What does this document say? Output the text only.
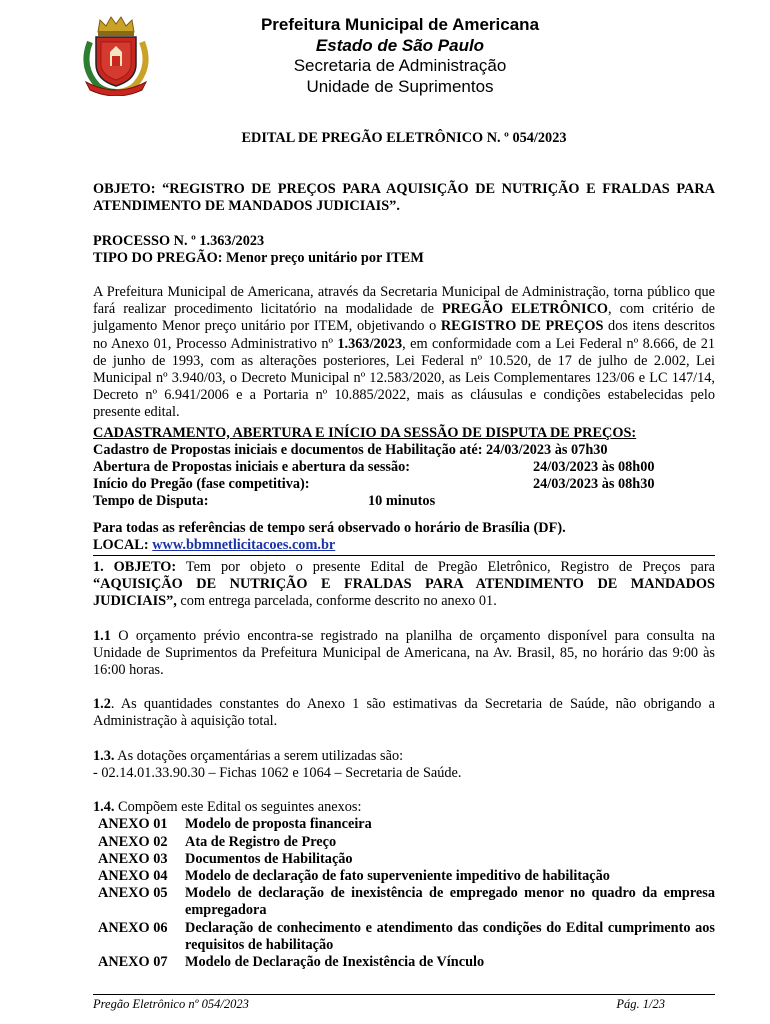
Prefeitura Municipal de Americana
Estado de São Paulo
Secretaria de Administração
Unidade de Suprimentos

EDITAL DE PREGÃO ELETRÔNICO N. º 054/2023

OBJETO: “REGISTRO DE PREÇOS PARA AQUISIÇÃO DE NUTRIÇÃO E FRALDAS PARA ATENDIMENTO DE MANDADOS JUDICIAIS”.

PROCESSO N. º 1.363/2023

TIPO DO PREGÃO: Menor preço unitário por ITEM

A Prefeitura Municipal de Americana, através da Secretaria Municipal de Administração, torna público que fará realizar procedimento licitatório na modalidade de PREGÃO ELETRÔNICO, com critério de julgamento Menor preço unitário por ITEM, objetivando o REGISTRO DE PREÇOS dos itens descritos no Anexo 01, Processo Administrativo nº 1.363/2023, em conformidade com a Lei Federal nº 8.666, de 21 de junho de 1993, com as alterações posteriores, Lei Federal nº 10.520, de 17 de julho de 2.002, Lei Municipal nº 3.940/03, o Decreto Municipal nº 12.583/2020, as Leis Complementares 123/06 e LC 147/14, Decreto nº 6.941/2006 e a Portaria nº 10.885/2022, mais as cláusulas e condições estabelecidas pelo presente edital.

CADASTRAMENTO, ABERTURA E INÍCIO DA SESSÃO DE DISPUTA DE PREÇOS:

Cadastro de Propostas iniciais e documentos de Habilitação até: 24/03/2023 às 07h30

Abertura de Propostas iniciais e abertura da sessão:	24/03/2023 às 08h00
Início do Pregão (fase competitiva):	24/03/2023 às 08h30
Tempo de Disputa:	10 minutos

Para todas as referências de tempo será observado o horário de Brasília (DF).

LOCAL: www.bbmnetlicitacoes.com.br

1. OBJETO: Tem por objeto o presente Edital de Pregão Eletrônico, Registro de Preços para “AQUISIÇÃO DE NUTRIÇÃO E FRALDAS PARA ATENDIMENTO DE MANDADOS JUDICIAIS”, com entrega parcelada, conforme descrito no anexo 01.

1.1 O orçamento prévio encontra-se registrado na planilha de orçamento disponível para consulta na Unidade de Suprimentos da Prefeitura Municipal de Americana, na Av. Brasil, 85, no horário das 9:00 às 16:00 horas.

1.2. As quantidades constantes do Anexo 1 são estimativas da Secretaria de Saúde, não obrigando a Administração à aquisição total.

1.3. As dotações orçamentárias a serem utilizadas são:

- 02.14.01.33.90.30 – Fichas 1062 e 1064 – Secretaria de Saúde.

1.4. Compõem este Edital os seguintes anexos:

ANEXO 01	Modelo de proposta financeira
ANEXO 02	Ata de Registro de Preço
ANEXO 03	Documentos de Habilitação
ANEXO 04	Modelo de declaração de fato superveniente impeditivo de habilitação
ANEXO 05	Modelo de declaração de inexistência de empregado menor no quadro da empresa empregadora
ANEXO 06	Declaração de conhecimento e atendimento das condições do Edital cumprimento aos requisitos de habilitação
ANEXO 07	Modelo de Declaração de Inexistência de Vínculo
Pregão Eletrônico nº 054/2023	Pág. 1/23
